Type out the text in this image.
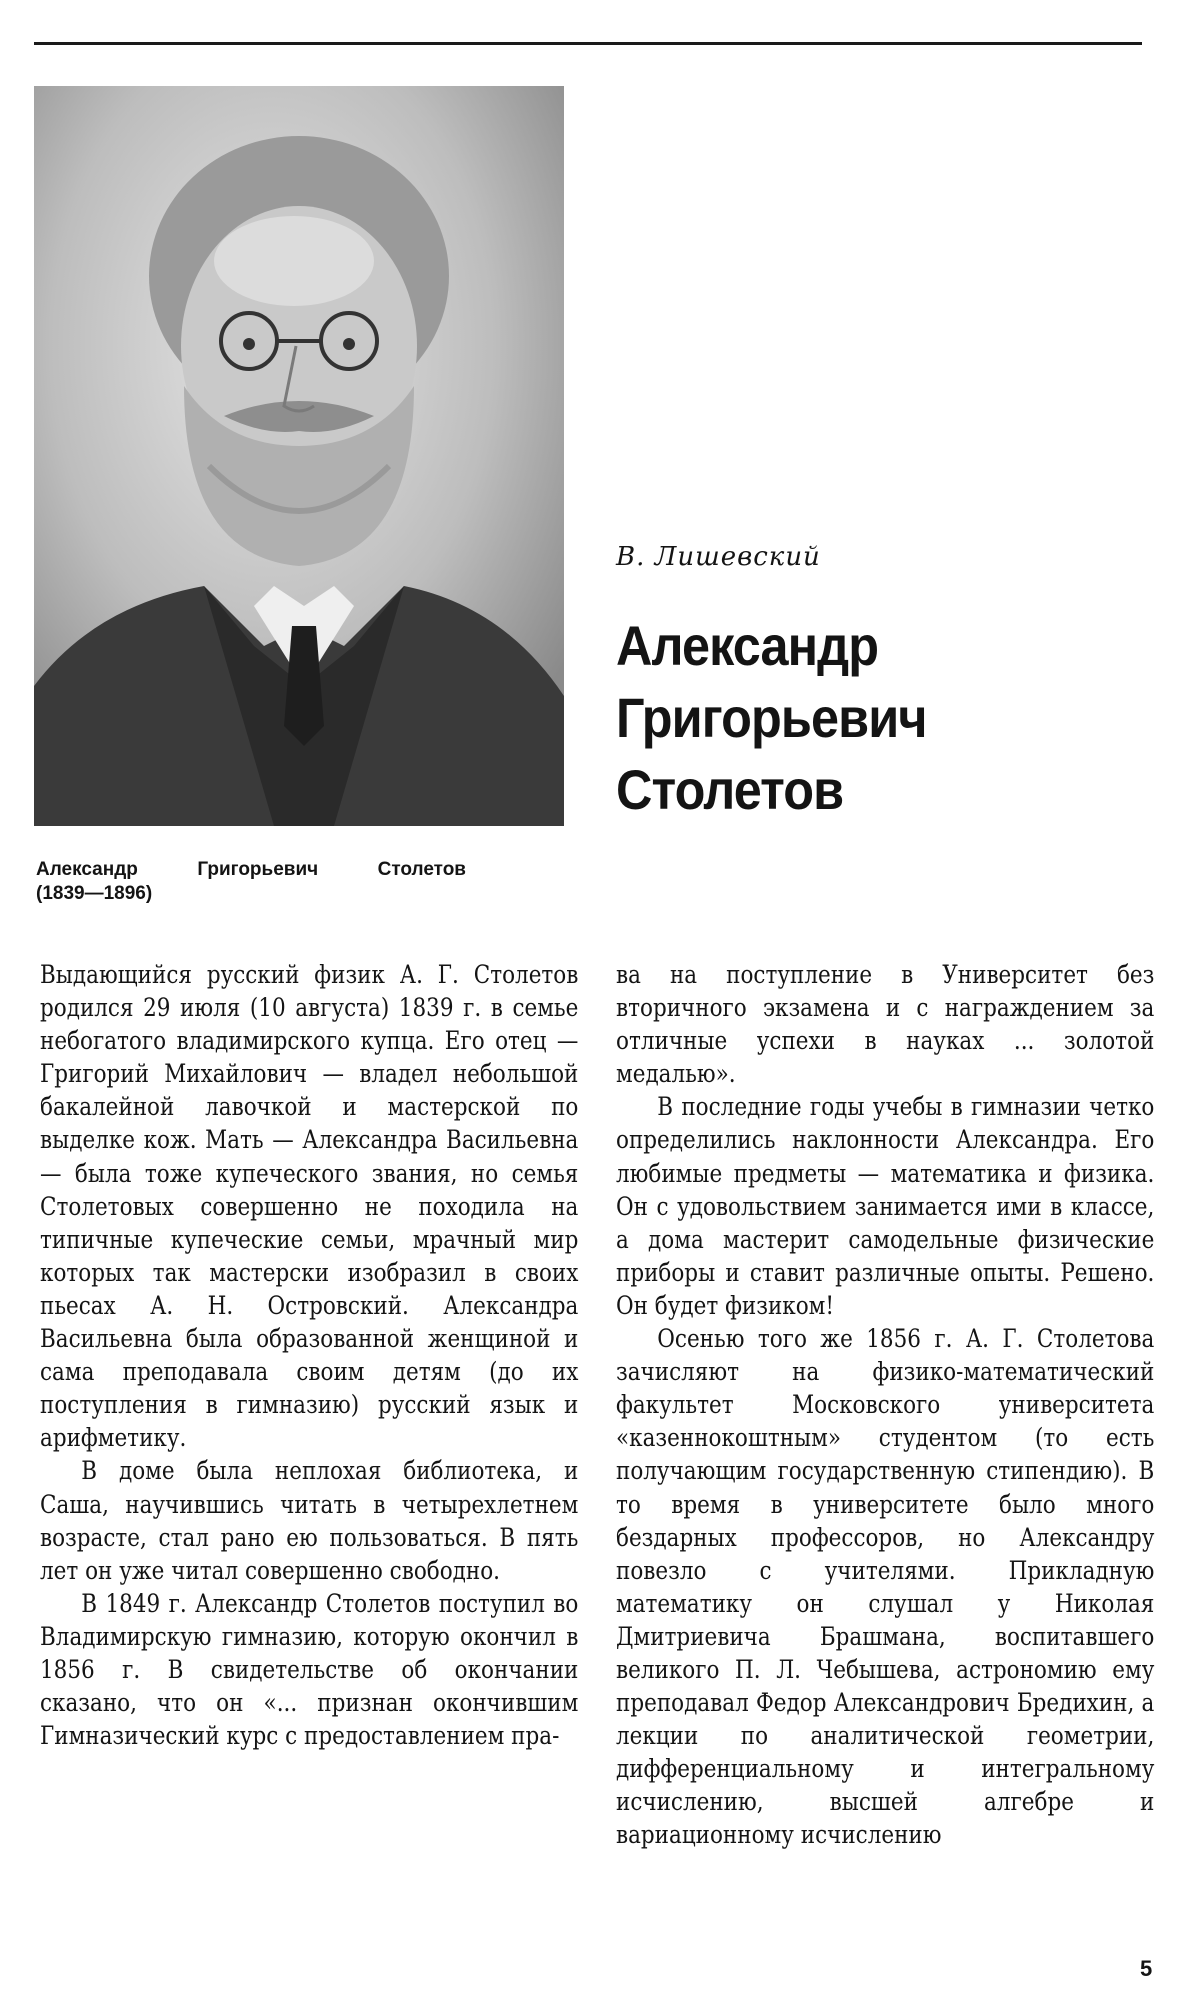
Александр Григорьевич Столетов
(1839—1896)
В. Лишевский
Александр
Григорьевич
Столетов

Выдающийся русский физик А. Г. Столетов родился 29 июля (10 августа) 1839 г. в семье небогатого владимирского купца. Его отец — Григорий Михайлович — владел небольшой бакалейной лавочкой и мастерской по выделке кож. Мать — Александра Васильевна — была тоже купеческого звания, но семья Столетовых совершенно не походила на типичные купеческие семьи, мрачный мир которых так мастерски изобразил в своих пьесах А. Н. Островский. Александра Васильевна была образованной женщиной и сама преподавала своим детям (до их поступления в гимназию) русский язык и арифметику.

В доме была неплохая библиотека, и Саша, научившись читать в четырехлетнем возрасте, стал рано ею пользоваться. В пять лет он уже читал совершенно свободно.

В 1849 г. Александр Столетов поступил во Владимирскую гимназию, которую окончил в 1856 г. В свидетельстве об окончании сказано, что он «... признан окончившим Гимназический курс с предоставлением пра-

ва на поступление в Университет без вторичного экзамена и с награждением за отличные успехи в науках ... золотой медалью».

В последние годы учебы в гимназии четко определились наклонности Александра. Его любимые предметы — математика и физика. Он с удовольствием занимается ими в классе, а дома мастерит самодельные физические приборы и ставит различные опыты. Решено. Он будет физиком!

Осенью того же 1856 г. А. Г. Столетова зачисляют на физико-математический факультет Московского университета «казеннокоштным» студентом (то есть получающим государственную стипендию). В то время в университете было много бездарных профессоров, но Александру повезло с учителями. Прикладную математику он слушал у Николая Дмитриевича Брашмана, воспитавшего великого П. Л. Чебышева, астрономию ему преподавал Федор Александрович Бредихин, а лекции по аналитической геометрии, дифференциальному и интегральному исчислению, высшей алгебре и вариационному исчислению

5
